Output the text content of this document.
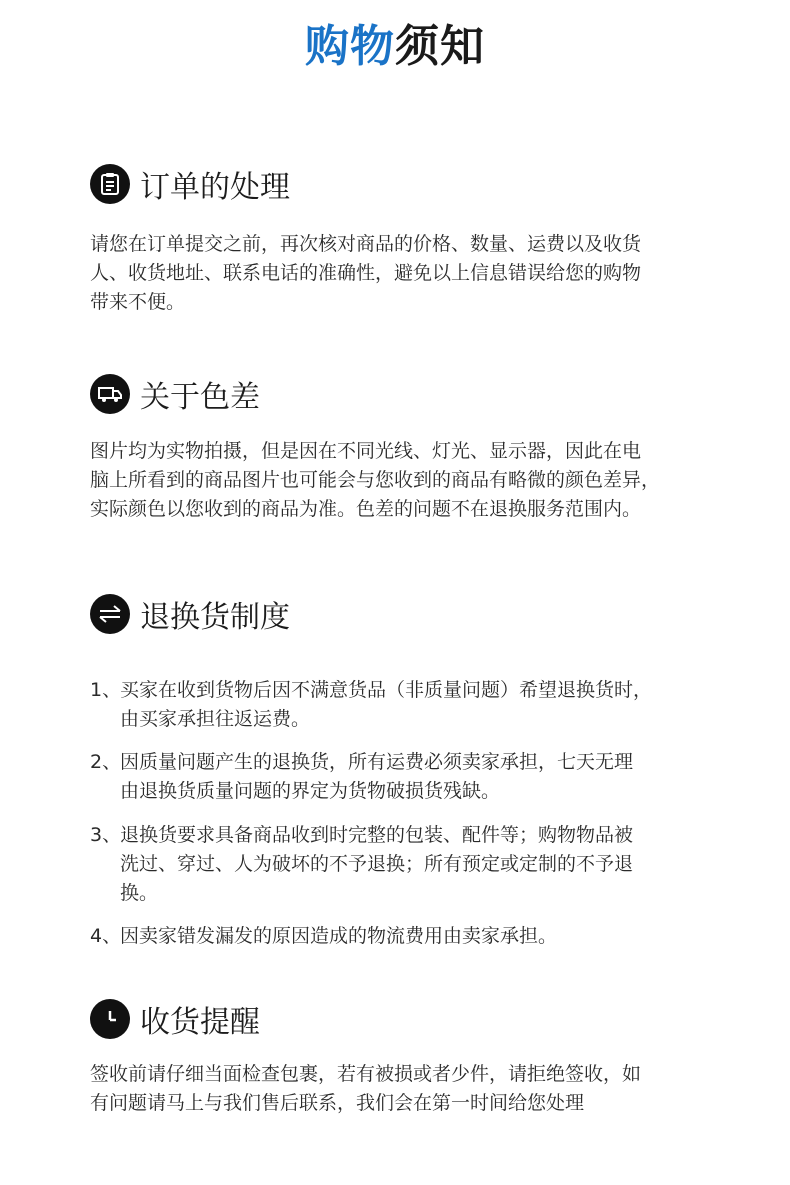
购物须知
订单的处理

请您在订单提交之前，再次核对商品的价格、数量、运费以及收货

人、收货地址、联系电话的准确性，避免以上信息错误给您的购物

带来不便。

关于色差

图片均为实物拍摄，但是因在不同光线、灯光、显示器，因此在电

脑上所看到的商品图片也可能会与您收到的商品有略微的颜色差异，

实际颜色以您收到的商品为准。色差的问题不在退换服务范围内。

退换货制度
1、
买家在收到货物后因不满意货品（非质量问题）希望退换货时，
由买家承担往返运费。
2、
因质量问题产生的退换货，所有运费必须卖家承担，七天无理
由退换货质量问题的界定为货物破损货残缺。
3、
退换货要求具备商品收到时完整的包装、配件等；购物物品被
洗过、穿过、人为破坏的不予退换；所有预定或定制的不予退
换。
4、
因卖家错发漏发的原因造成的物流费用由卖家承担。
收货提醒

签收前请仔细当面检查包裹，若有被损或者少件，请拒绝签收，如

有问题请马上与我们售后联系，我们会在第一时间给您处理
